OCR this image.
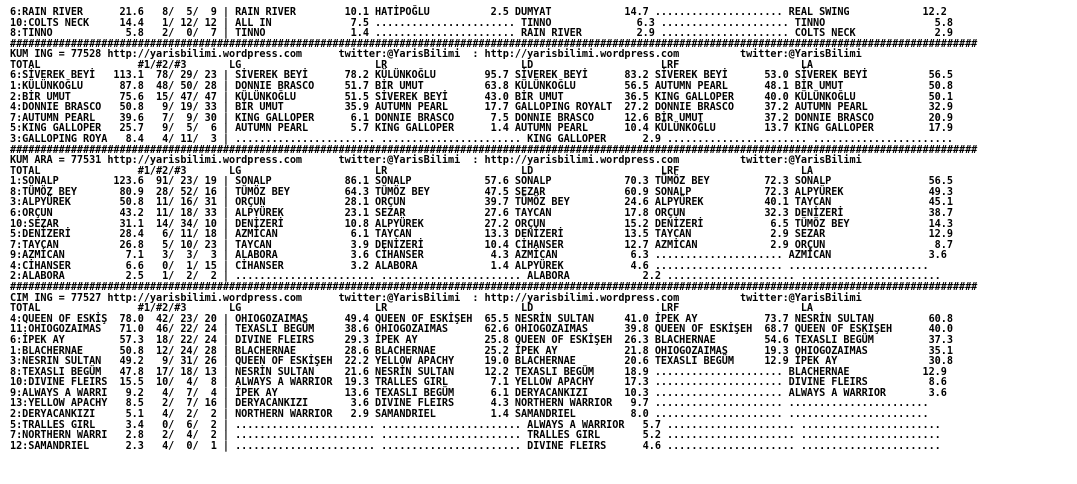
6:RAIN RIVER      21.6   8/  5/  9 | RAIN RIVER        10.1 HATİPOĞLU          2.5 DUMYAT            14.7 ..................... REAL SWING            12.2
10:COLTS NECK     14.4   1/ 12/ 12 | ALL IN             7.5 ....................... TINNO              6.3 ..................... TINNO                  5.8
8:TINNO            5.8   2/  0/  7 | TINNO              1.4 ....................... RAIN RIVER         2.9 ..................... COLTS NECK             2.9
###############################################################################################################################################################
KUM ING = 77528 http://yarisbilimi.wordpress.com      twitter:@YarisBilimi  : http://yarisbilimi.wordpress.com          twitter:@YarisBilimi
TOTAL                #1/#2/#3       LG                      LR                      LD                     LRF                    LA
6:SİVEREK BEYİ   113.1  78/ 29/ 23 | SİVEREK BEYİ      78.2 KÜLÜNKOĞLU        95.7 SİVEREK BEYİ      83.2 SİVEREK BEYİ      53.0 SİVEREK BEYİ          56.5
1:KÜLÜNKOĞLU      87.8  48/ 50/ 28 | DONNIE BRASCO     51.7 BİR UMUT          63.8 KÜLÜNKOĞLU        56.5 AUTUMN PEARL      48.1 BİR UMUT              50.8
2:BİR UMUT        75.6  15/ 47/ 47 | KÜLÜNKOĞLU        51.5 SİVEREK BEYİ      43.0 BİR UMUT          36.5 KING GALLOPER     40.0 KÜLÜNKOĞLU            50.1
4:DONNIE BRASCO   50.8   9/ 19/ 33 | BİR UMUT          35.9 AUTUMN PEARL      17.7 GALLOPING ROYALT  27.2 DONNIE BRASCO     37.2 AUTUMN PEARL          32.9
7:AUTUMN PEARL    39.6   7/  9/ 30 | KING GALLOPER      6.1 DONNIE BRASCO      7.5 DONNIE BRASCO     12.6 BİR UMUT          37.2 DONNIE BRASCO         20.9
5:KING GALLOPER   25.7   9/  5/  6 | AUTUMN PEARL       5.7 KING GALLOPER      1.4 AUTUMN PEARL      10.4 KÜLÜNKOĞLU        13.7 KING GALLOPER         17.9
3:GALLOPING ROYA   8.4   4/ 11/  3 | ....................... ....................... KING GALLOPER      2.9 ....................... .......................
###############################################################################################################################################################
KUM ARA = 77531 http://yarisbilimi.wordpress.com      twitter:@YarisBilimi  : http://yarisbilimi.wordpress.com          twitter:@YarisBilimi
TOTAL                #1/#2/#3       LG                      LR                      LD                     LRF                    LA
1:SONALP         123.6  91/ 23/ 19 | SONALP            86.1 SONALP            57.6 SONALP            70.3 TÜMÖZ BEY         72.3 SONALP                56.5
8:TÜMÖZ BEY       80.9  28/ 52/ 16 | TÜMÖZ BEY         64.3 TÜMÖZ BEY         47.5 SEZAR             60.9 SONALP            72.3 ALPYÜREK              49.3
3:ALPYÜREK        50.8  11/ 16/ 31 | ORÇUN             28.1 ORÇUN             39.7 TÜMÖZ BEY         24.6 ALPYÜREK          40.1 TAYCAN                45.1
6:ORÇUN           43.2  11/ 18/ 33 | ALPYÜREK          23.1 SEZAR             27.6 TAYCAN            17.8 ORÇUN             32.3 DENİZERİ              38.7
10:SEZAR          31.1  14/ 34/ 10 | DENİZERİ          10.8 ALPYÜREK          27.2 ORÇUN             15.2 DENİZERİ           6.5 TÜMÖZ BEY             14.3
5:DENİZERİ        28.4   6/ 11/ 18 | AZMİCAN            6.1 TAYCAN            13.3 DENİZERİ          13.5 TAYCAN             2.9 SEZAR                 12.9
7:TAYCAN          26.8   5/ 10/ 23 | TAYCAN             3.9 DENİZERİ          10.4 CİHANSER          12.7 AZMİCAN            2.9 ORÇUN                  8.7
9:AZMİCAN          7.1   3/  3/  3 | ALABORA            3.6 CİHANSER           4.3 AZMİCAN            6.3 ..................... AZMİCAN                3.6
4:CİHANSER         6.6   0/  1/ 15 | CİHANSER           3.2 ALABORA            1.4 ALPYÜREK           4.6 ..................... .......................
2:ALABORA          2.5   1/  2/  2 | ....................... ....................... ALABORA            2.2 ..................... .......................
###############################################################################################################################################################
CIM ING = 77527 http://yarisbilimi.wordpress.com      twitter:@YarisBilimi  : http://yarisbilimi.wordpress.com          twitter:@YarisBilimi
TOTAL                #1/#2/#3       LG                      LR                      LD                     LRF                    LA
4:QUEEN OF ESKİŞ  78.0  42/ 23/ 20 | OHIOGOZAIMAS      49.4 QUEEN OF ESKİŞEH  65.5 NESRİN SULTAN     41.0 İPEK AY           73.7 NESRİN SULTAN         60.8
11:OHIOGOZAIMAS   71.0  46/ 22/ 24 | TEXASLI BEGÜM     38.6 OHIOGOZAIMAS      62.6 OHIOGOZAIMAS      39.8 QUEEN OF ESKİŞEH  68.7 QUEEN OF ESKİŞEH      40.0
6:İPEK AY         57.3  18/ 22/ 24 | DIVINE FLEIRS     29.3 İPEK AY           25.8 QUEEN OF ESKİŞEH  26.3 BLACHERNAE        54.6 TEXASLI BEGÜM         37.3
1:BLACHERNAE      50.8  12/ 24/ 28 | BLACHERNAE        28.6 BLACHERNAE        25.2 İPEK AY           21.8 OHIOGOZAIMAS      19.3 OHIOGOZAIMAS          35.1
3:NESRIN SULTAN   49.2   9/ 31/ 26 | QUEEN OF ESKİŞEH  22.2 YELLOW APACHY     19.0 BLACHERNAE        20.6 TEXASLI BEGÜM     12.9 İPEK AY               30.8
8:TEXASLI BEGÜM   47.8  17/ 18/ 13 | NESRİN SULTAN     21.6 NESRİN SULTAN     12.2 TEXASLI BEGÜM     18.9 ..................... BLACHERNAE            12.9
10:DIVINE FLEIRS  15.5  10/  4/  8 | ALWAYS A WARRIOR  19.3 TRALLES GIRL       7.1 YELLOW APACHY     17.3 ..................... DIVINE FLEIRS          8.6
9:ALWAYS A WARRI   9.2   4/  7/  4 | İPEK AY           13.6 TEXASLI BEGÜM      6.1 DERYACANKIZI      10.3 ..................... ALWAYS A WARRIOR       3.6
13:YELLOW APACHY   8.5   2/  7/ 16 | DERYACANKIZI       3.6 DIVINE FLEIRS      4.3 NORTHERN WARRIOR   9.7 ..................... .......................
2:DERYACANKIZI     5.1   4/  2/  2 | NORTHERN WARRIOR   2.9 SAMANDRIEL         1.4 SAMANDRIEL         8.0 ..................... .......................
5:TRALLES GIRL     3.4   0/  6/  2 | ....................... ....................... ALWAYS A WARRIOR   5.7 ..................... .......................
7:NORTHERN WARRI   2.8   2/  4/  2 | ....................... ....................... TRALLES GIRL       5.2 ..................... .......................
12:SAMANDRIEL      2.3   4/  0/  1 | ....................... ....................... DIVINE FLEIRS      4.6 ..................... .......................
